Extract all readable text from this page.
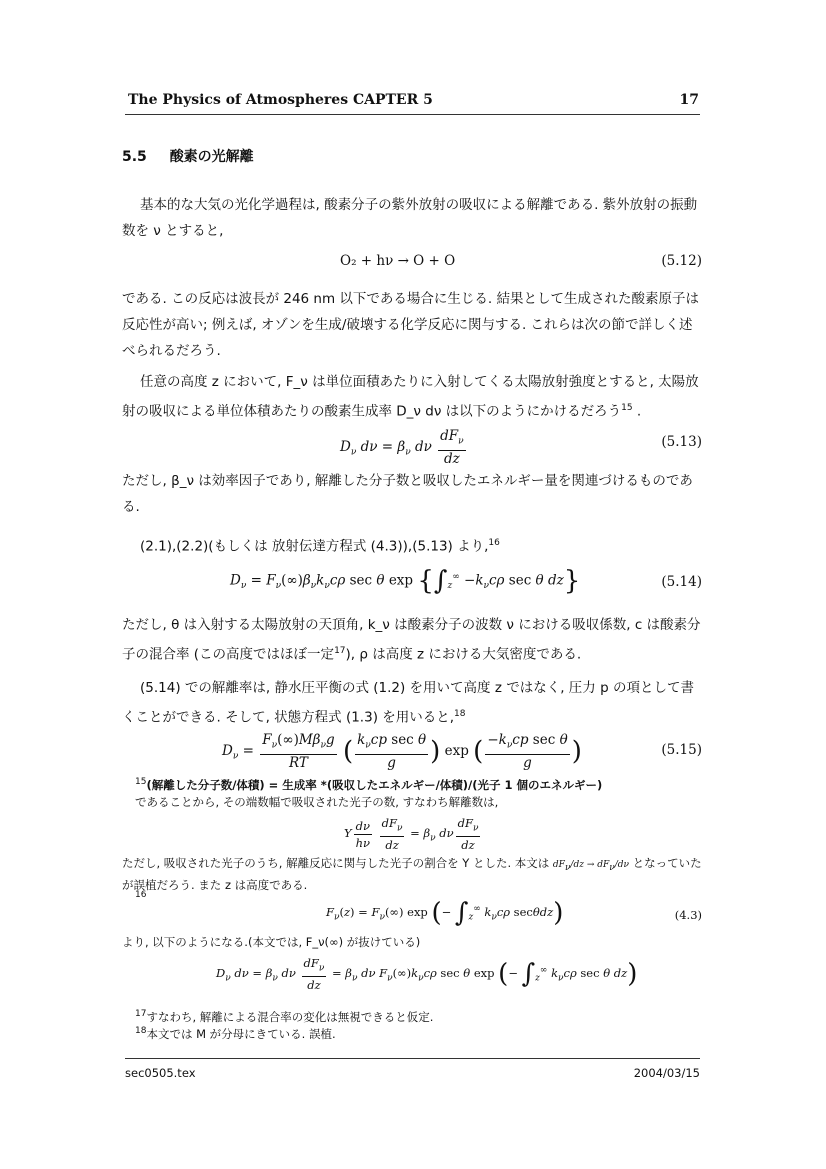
The Physics of Atmospheres CAPTER 5	17
5.5 酸素の光解離
基本的な大気の光化学過程は, 酸素分子の紫外放射の吸収による解離である. 紫外放射の振動数を ν とすると,
O₂ + hν → O + O	(5.12)
である. この反応は波長が 246 nm 以下である場合に生じる. 結果として生成された酸素原子は反応性が高い; 例えば, オゾンを生成/破壊する化学反応に関与する. これらは次の節で詳しく述べられるだろう.
任意の高度 z において, F_ν は単位面積あたりに入射してくる太陽放射強度とすると, 太陽放射の吸収による単位体積あたりの酸素生成率 D_ν dν は以下のようにかけるだろう$^{15}$ .
$D_\nu$ $d\nu = \beta_\nu$ dν $\frac{dF_\nu}{dz}$	(5.13)
ただし, β_ν は効率因子であり, 解離した分子数と吸収したエネルギー量を関連づけるものである.
(2.1),(2.2)(もしくは 放射伝達方程式 (4.3)),(5.13) より,$^{16}$
$D_\nu = F_\nu(\infty)\beta_\nu k_\nu c\rho$ sec θ $\exp \{\int_z^\infty -k_\nu c\rho$ sec θ dz}	(5.14)
ただし, θ は入射する太陽放射の天頂角, k_ν は酸素分子の波数 ν における吸収係数, c は酸素分子の混合率 (この高度ではほぼ一定$^{17}$), ρ は高度 z における大気密度である.
(5.14) での解離率は, 静水圧平衡の式 (1.2) を用いて高度 z ではなく, 圧力 p の項として書くことができる. そして, 状態方程式 (1.3) を用いると,$^{18}$
$D_\nu = \frac{F_\nu(\infty)M\beta_\nu g}{RT}$ ( $\frac{k_\nu cp \sec \theta}{g}$ ) exp ( $\frac{-k_\nu cp \sec \theta}{g}$ )	(5.15)
$^{15}$(解離した分子数/体積) = 生成率 *(吸収したエネルギー/体積)/(光子 1 個のエネルギー)
であることから, その端数幅で吸収された光子の数, すなわち解離数は,
Y $\frac{d\nu}{h\nu}$
$\frac{dF_\nu}{dz} = \beta_\nu$ dν $\frac{dF_\nu}{dz}$
ただし, 吸収された光子のうち, 解離反応に関与した光子の割合を Y とした. 本文は $dF_\nu/dz \to dF_\nu/d\nu$ となっていたが誤植だろう. また z は高度である.
$^{16}$
$F_\nu(z) = F_\nu(\infty)$ exp (− $\int_z^\infty$ $k_\nu c\rho$ secθdz)	(4.3)
より, 以下のようになる.(本文では, F_ν(∞) が抜けている)
$D_\nu$ $d\nu = \beta_\nu$ dν $\frac{dF_\nu}{dz} = \beta_\nu$ dν $F_\nu(\infty)k_\nu c\rho$ sec θ exp (− $\int_z^\infty$ $k_\nu c\rho$ sec θ dz)
$^{17}$すなわち, 解離による混合率の変化は無視できると仮定.
$^{18}$本文では M が分母にきている. 誤植.
sec0505.tex	2004/03/15
